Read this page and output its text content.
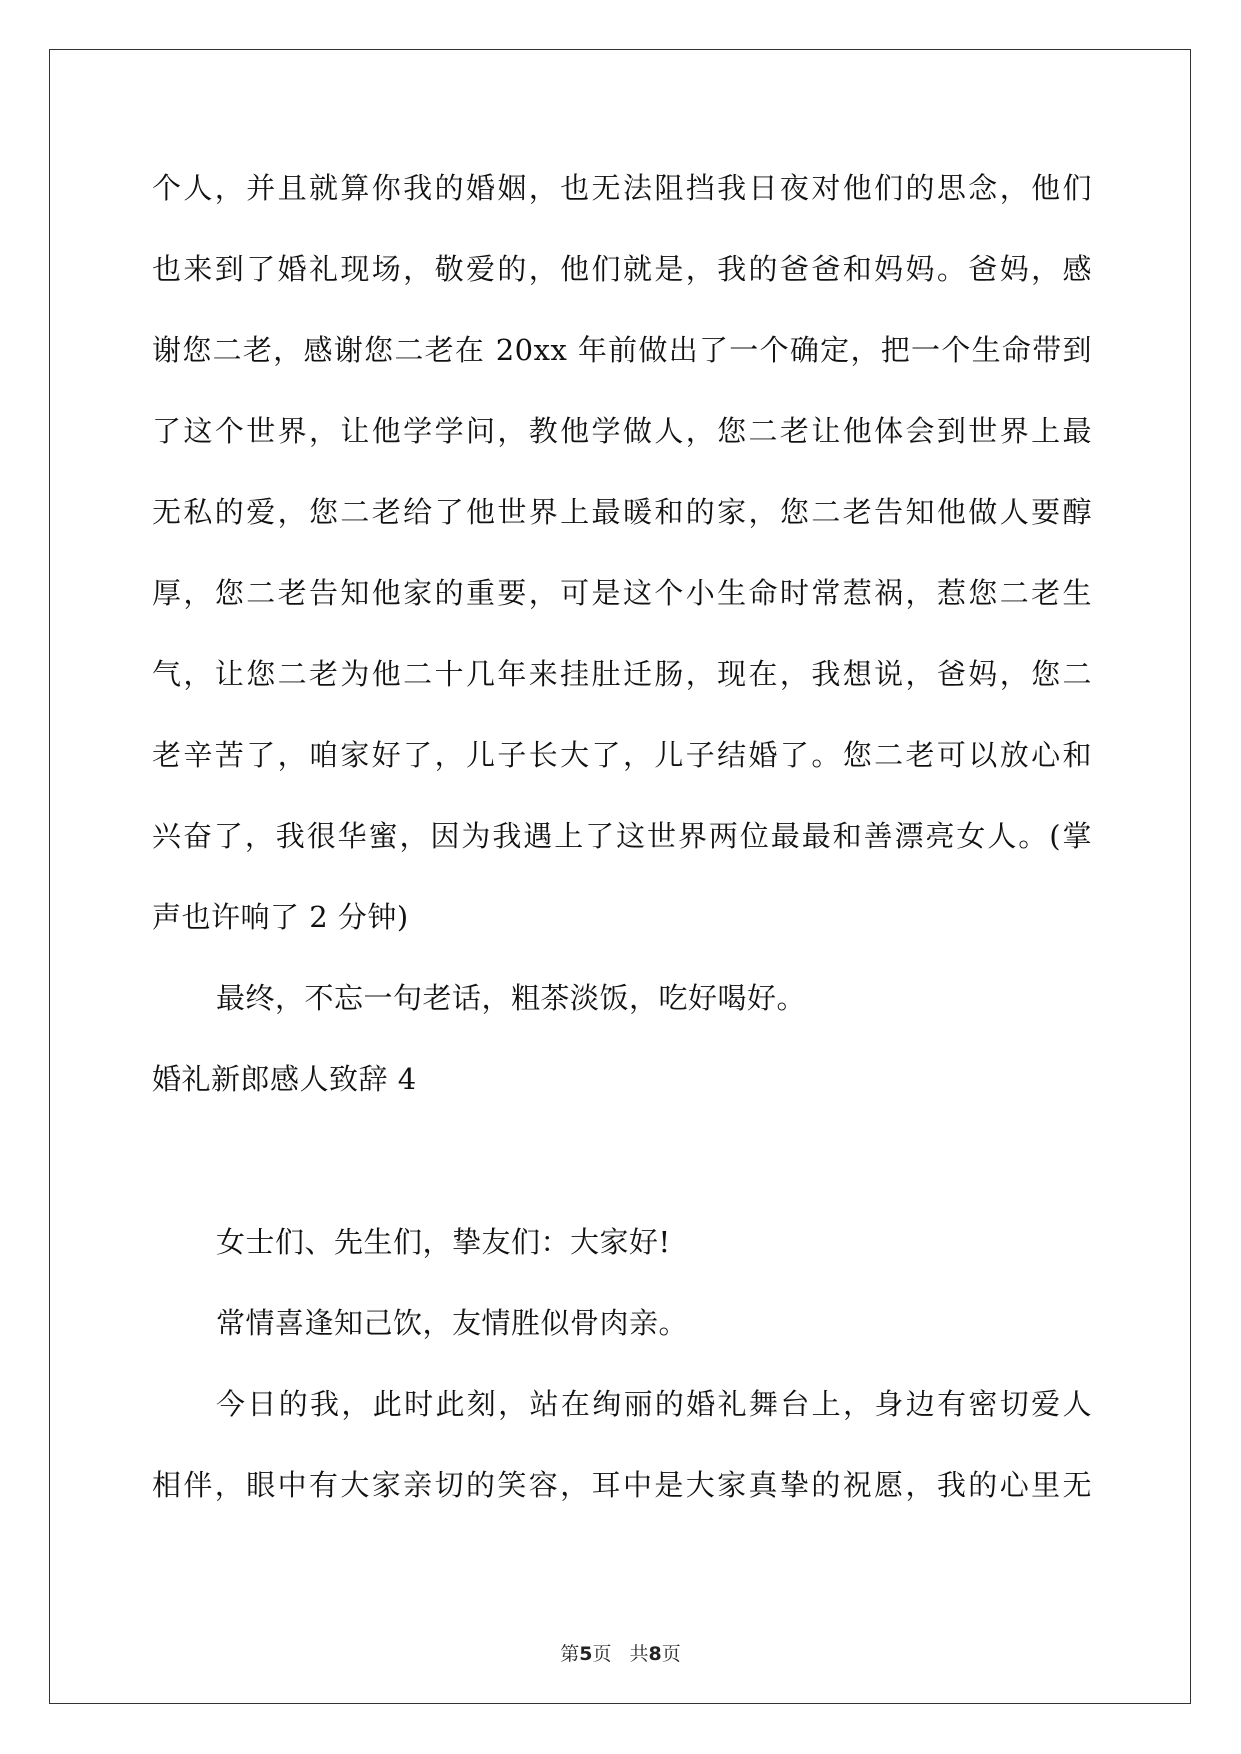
个人，并且就算你我的婚姻，也无法阻挡我日夜对他们的思念，他们
也来到了婚礼现场，敬爱的，他们就是，我的爸爸和妈妈。爸妈，感
谢您二老，感谢您二老在 20xx 年前做出了一个确定，把一个生命带到
了这个世界，让他学学问，教他学做人，您二老让他体会到世界上最
无私的爱，您二老给了他世界上最暖和的家，您二老告知他做人要醇
厚，您二老告知他家的重要，可是这个小生命时常惹祸，惹您二老生
气，让您二老为他二十几年来挂肚迁肠，现在，我想说，爸妈，您二
老辛苦了，咱家好了，儿子长大了，儿子结婚了。您二老可以放心和
兴奋了，我很华蜜，因为我遇上了这世界两位最最和善漂亮女人。(掌
声也许响了 2 分钟)
最终，不忘一句老话，粗茶淡饭，吃好喝好。
婚礼新郎感人致辞 4
女士们、先生们，挚友们：大家好!
常情喜逢知己饮，友情胜似骨肉亲。
今日的我，此时此刻，站在绚丽的婚礼舞台上，身边有密切爱人
相伴，眼中有大家亲切的笑容，耳中是大家真挚的祝愿，我的心里无
第5页 共8页
